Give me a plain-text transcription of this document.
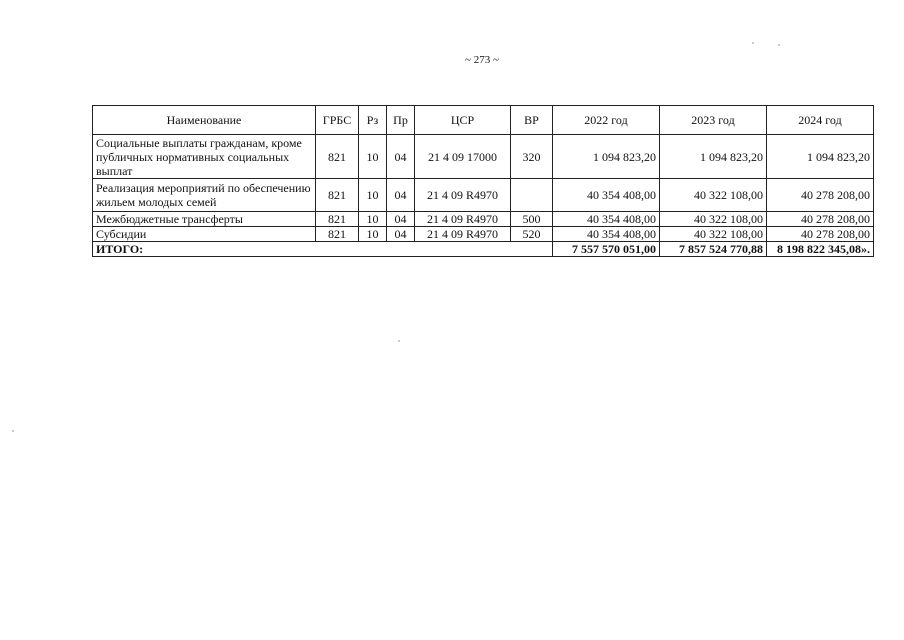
~ 273 ~
Наименование	ГРБС	Рз	Пр	ЦСР	ВР	2022 год	2023 год	2024 год
Социальные выплаты гражданам, кроме публичных нормативных социальных выплат	821	10	04	21 4 09 17000	320	1 094 823,20	1 094 823,20	1 094 823,20
Реализация мероприятий по обеспечению жильем молодых семей	821	10	04	21 4 09 R4970		40 354 408,00	40 322 108,00	40 278 208,00
Межбюджетные трансферты	821	10	04	21 4 09 R4970	500	40 354 408,00	40 322 108,00	40 278 208,00
Субсидии	821	10	04	21 4 09 R4970	520	40 354 408,00	40 322 108,00	40 278 208,00
ИТОГО:						7 557 570 051,00	7 857 524 770,88	8 198 822 345,08».
